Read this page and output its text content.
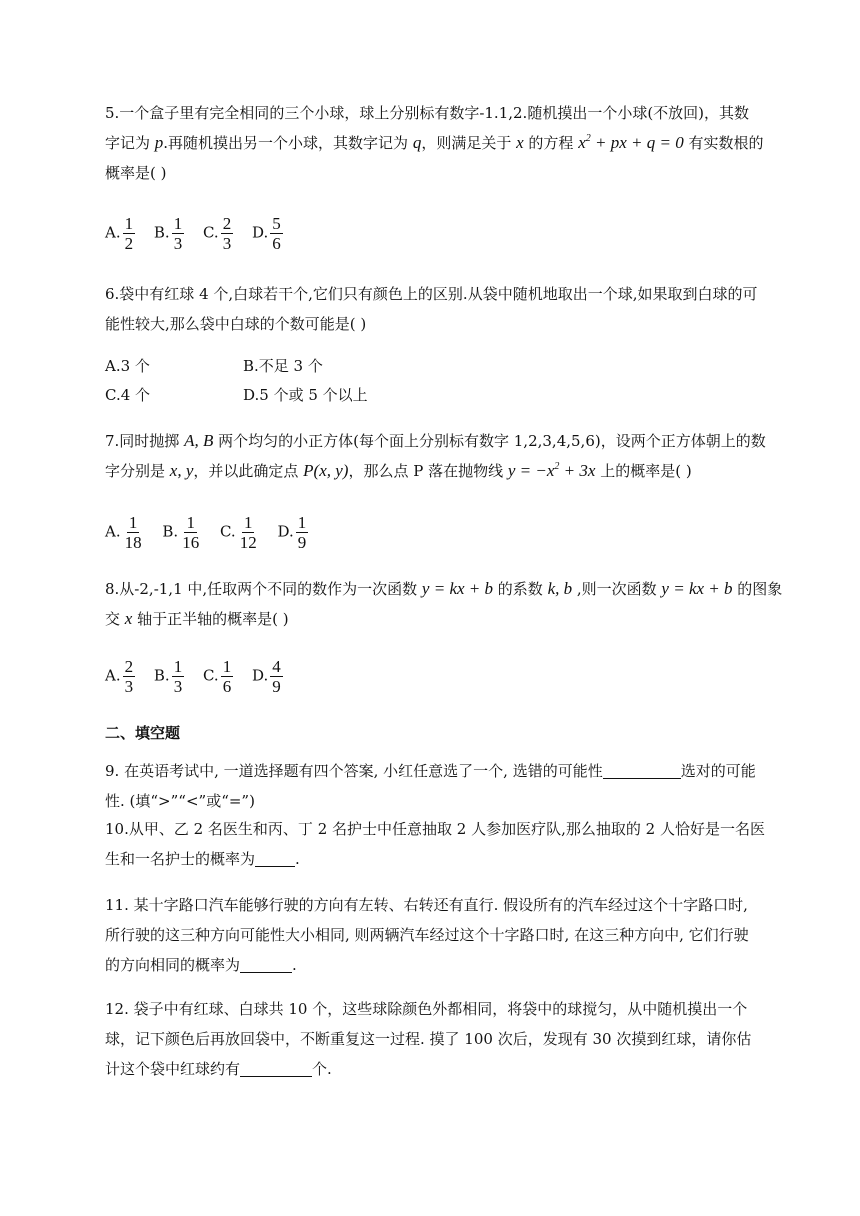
5.一个盒子里有完全相同的三个小球，球上分别标有数字-1.1,2.随机摸出一个小球(不放回)，其数
字记为 p.再随机摸出另一个小球，其数字记为 q，则满足关于 x 的方程 $x^2$ + px + q = 0 有实数根的
概率是( )
A. $\frac{1}{2} B$. $\frac{1}{3} C$. $\frac{2}{3} D$. $\frac{5}{6}$
6.袋中有红球 4 个,白球若干个,它们只有颜色上的区别.从袋中随机地取出一个球,如果取到白球的可
能性较大,那么袋中白球的个数可能是( )
A.3 个	B.不足 3 个
C.4 个	D.5 个或 5 个以上
7.同时抛掷 A, B 两个均匀的小正方体(每个面上分别标有数字 1,2,3,4,5,6)，设两个正方体朝上的数
字分别是 x, y，并以此确定点 P(x, y)，那么点 P 落在抛物线 $y = -x^2 + 3x$ 上的概率是( )
A. $\frac{1}{18} B$. $\frac{1}{16} C$. $\frac{1}{12} D$. $\frac{1}{9}$
8.从-2,-1,1 中,任取两个不同的数作为一次函数 y = kx + b 的系数 k, b ,则一次函数 y = kx + b 的图象
交 x 轴于正半轴的概率是( )
A. $\frac{2}{3} B$. $\frac{1}{3} C$. $\frac{1}{6} D$. $\frac{4}{9}$
二、填空题
9. 在英语考试中, 一道选择题有四个答案, 小红任意选了一个, 选错的可能性	选对的可能
性. (填“>”“<”或“=”)
10.从甲、乙 2 名医生和丙、丁 2 名护士中任意抽取 2 人参加医疗队,那么抽取的 2 人恰好是一名医
生和一名护士的概率为	.
11. 某十字路口汽车能够行驶的方向有左转、右转还有直行. 假设所有的汽车经过这个十字路口时,
所行驶的这三种方向可能性大小相同, 则两辆汽车经过这个十字路口时, 在这三种方向中, 它们行驶
的方向相同的概率为	.
12. 袋子中有红球、白球共 10 个，这些球除颜色外都相同，将袋中的球搅匀，从中随机摸出一个
球，记下颜色后再放回袋中，不断重复这一过程. 摸了 100 次后，发现有 30 次摸到红球，请你估
计这个袋中红球约有	个.
